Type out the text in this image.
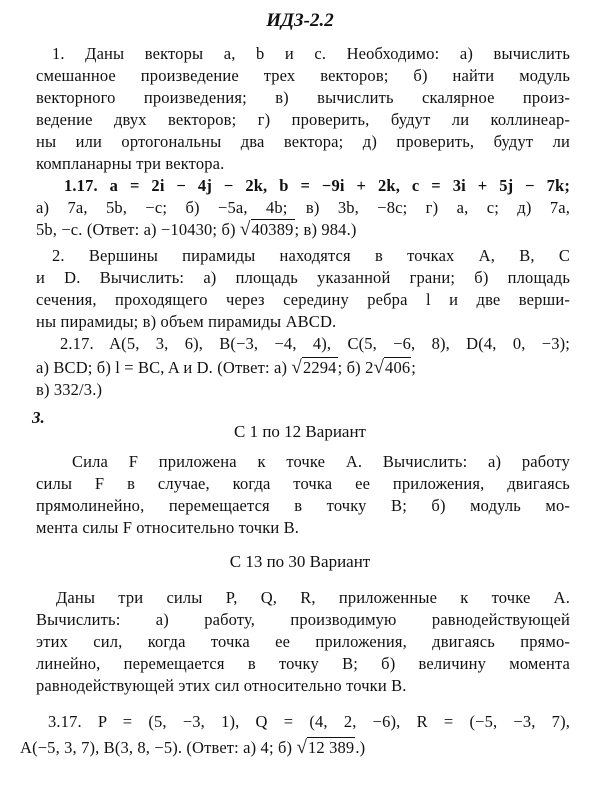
ИДЗ-2.2
1. Даны векторы a, b и c. Необходимо: а) вычислить
смешанное произведение трех векторов; б) найти модуль
векторного произведения; в) вычислить скалярное произ-
ведение двух векторов; г) проверить, будут ли коллинеар-
ны или ортогональны два вектора; д) проверить, будут ли
компланарны три вектора.
1.17. a = 2i − 4j − 2k, b = −9i + 2k, c = 3i + 5j − 7k;
а) 7a, 5b, −c; б) −5a, 4b; в) 3b, −8c; г) a, c; д) 7a,
5b, −c. (Ответ: а) −10430; б) √40389; в) 984.)
2. Вершины пирамиды находятся в точках A, B, C
и D. Вычислить: а) площадь указанной грани; б) площадь
сечения, проходящего через середину ребра l и две верши-
ны пирамиды; в) объем пирамиды ABCD.
2.17. A(5, 3, 6), B(−3, −4, 4), C(5, −6, 8), D(4, 0, −3);
а) BCD; б) l = BC, A и D. (Ответ: а) √2294; б) 2√406;
в) 332/3.)
3.
С 1 по 12 Вариант
Сила F приложена к точке A. Вычислить: а) работу
силы F в случае, когда точка ее приложения, двигаясь
прямолинейно, перемещается в точку B; б) модуль мо-
мента силы F относительно точки B.
С 13 по 30 Вариант
Даны три силы P, Q, R, приложенные к точке A.
Вычислить: а) работу, производимую равнодействующей
этих сил, когда точка ее приложения, двигаясь прямо-
линейно, перемещается в точку B; б) величину момента
равнодействующей этих сил относительно точки B.
3.17. P = (5, −3, 1), Q = (4, 2, −6), R = (−5, −3, 7),
A(−5, 3, 7), B(3, 8, −5). (Ответ: а) 4; б) √12 389.)
